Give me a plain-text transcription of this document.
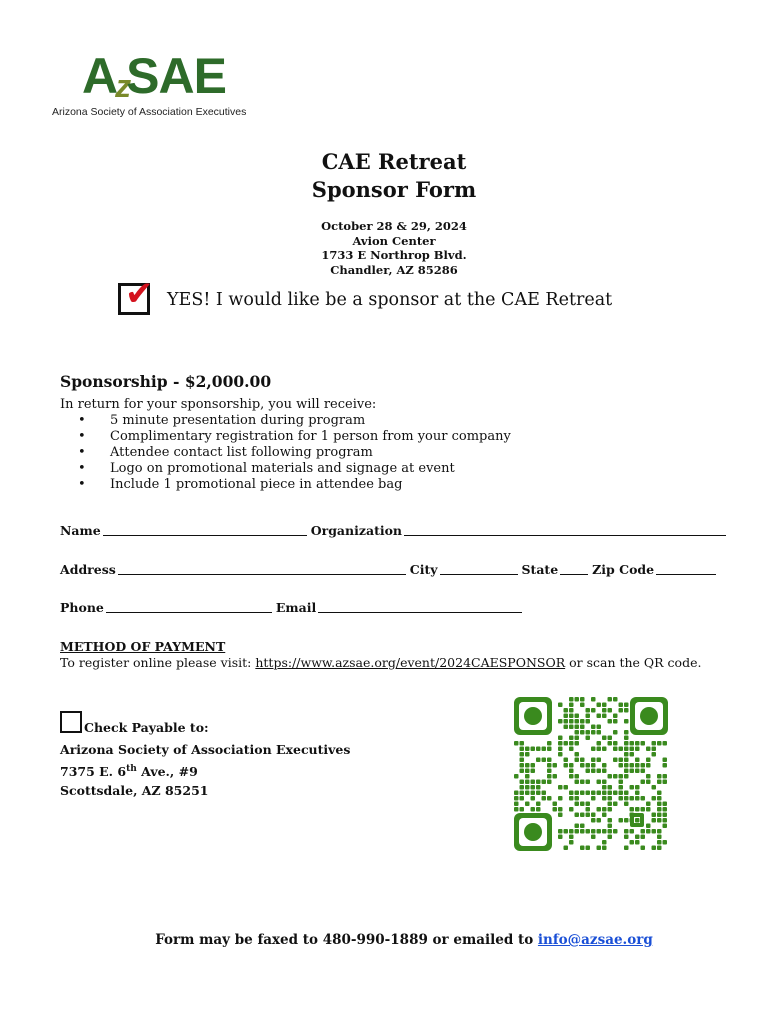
A
z
SAE
Arizona Society of Association Executives
CAE Retreat
Sponsor Form
October 28 & 29, 2024
Avion Center
1733 E Northrop Blvd.
Chandler, AZ 85286
✔ YES! I would like be a sponsor at the CAE Retreat
Sponsorship - $2,000.00
In return for your sponsorship, you will receive:
• 5 minute presentation during program
• Complimentary registration for 1 person from your company
• Attendee contact list following program
• Logo on promotional materials and signage at event
• Include 1 promotional piece in attendee bag
Name	Organization
Address	City	State	Zip Code
Phone	Email
METHOD OF PAYMENT
To register online please visit: https://www.azsae.org/event/2024CAESPONSOR or scan the QR code.
Check Payable to:
Arizona Society of Association Executives
7375 E. 6th Ave., #9
Scottsdale, AZ 85251
Form may be faxed to 480-990-1889 or emailed to info@azsae.org
